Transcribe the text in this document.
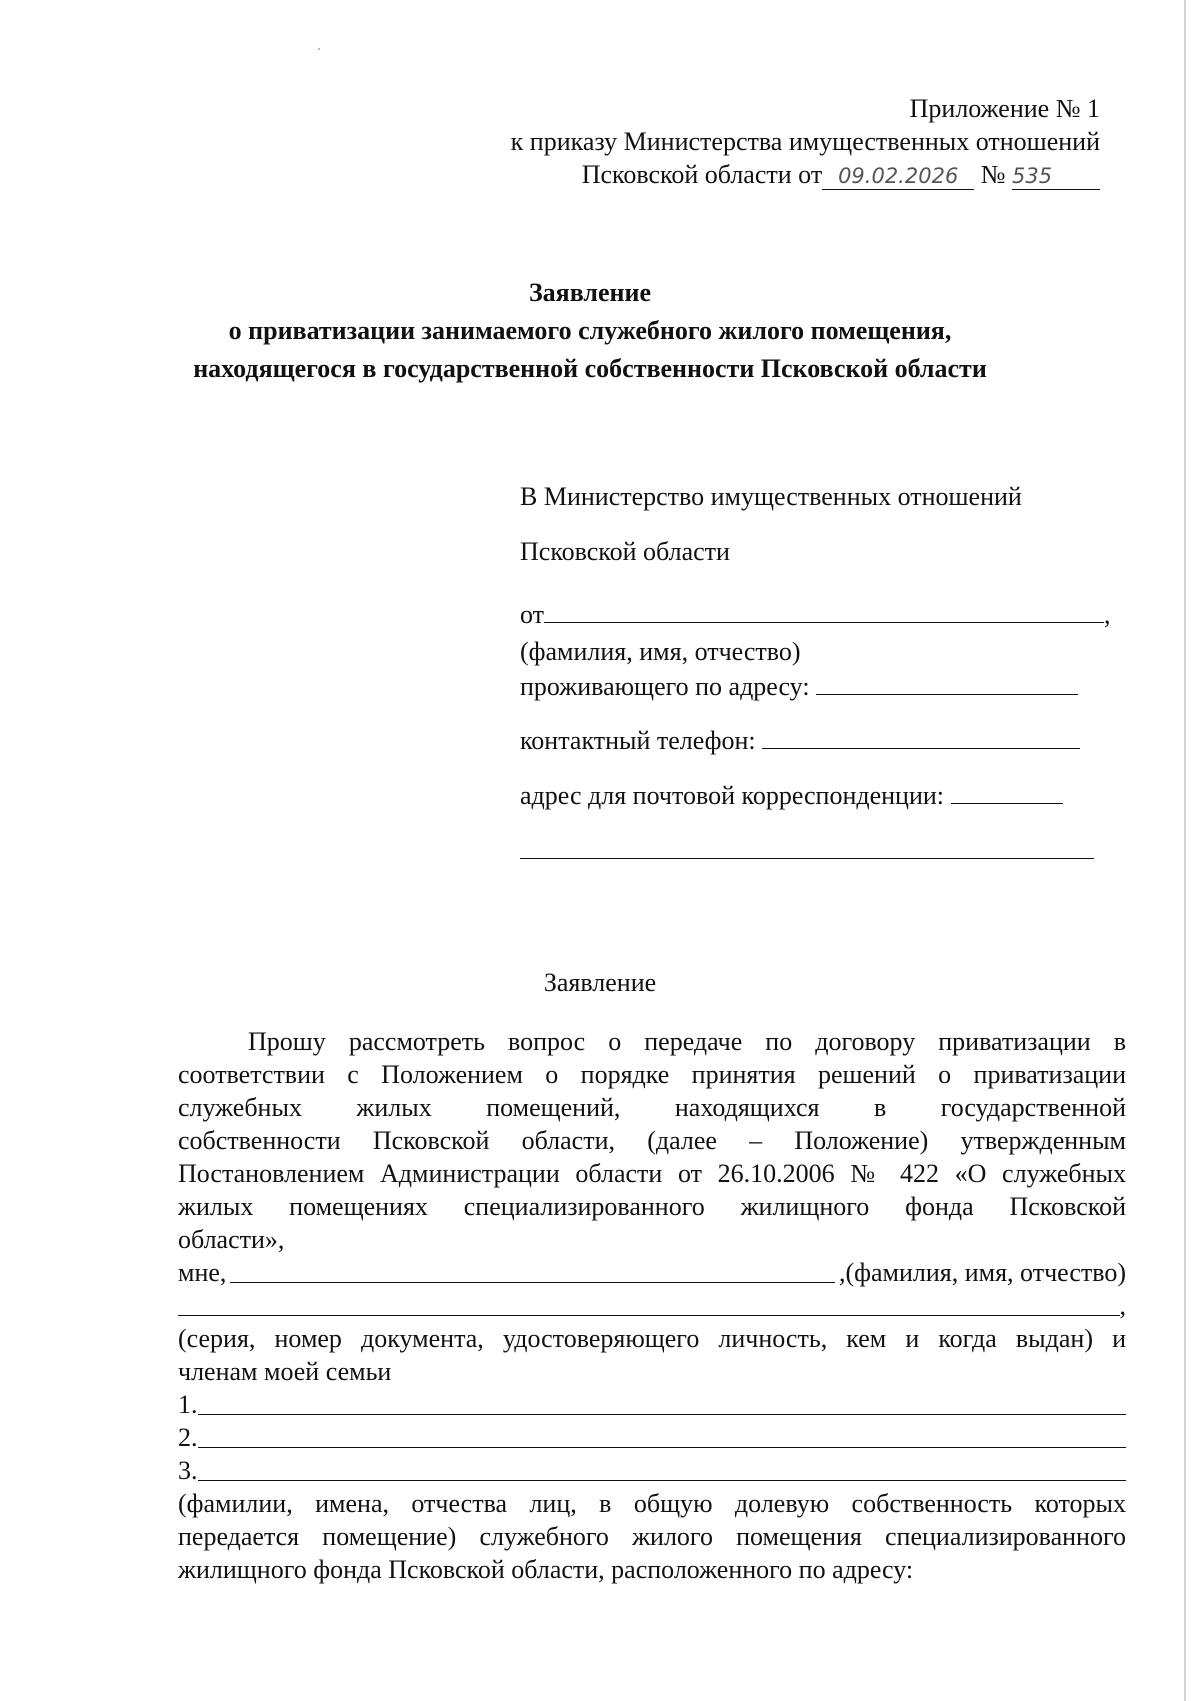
Приложение № 1
к приказу Министерства имущественных отношений
Псковской области от 09.02.2026 № 535
Заявление
о приватизации занимаемого служебного жилого помещения,
находящегося в государственной собственности Псковской области
В Министерство имущественных отношений
Псковской области
от	,
(фамилия, имя, отчество)
проживающего по адресу:
контактный телефон:
адрес для почтовой корреспонденции:
Заявление
Прошу рассмотреть вопрос о передаче по договору приватизации в
соответствии с Положением о порядке принятия решений о приватизации
служебных жилых помещений, находящихся в государственной
собственности Псковской области, (далее – Положение) утвержденным
Постановлением Администрации области от 26.10.2006 № 422 «О служебных
жилых помещениях специализированного жилищного фонда Псковской
области»,
мне,	,(фамилия, имя, отчество)
,
(серия, номер документа, удостоверяющего личность, кем и когда выдан) и
членам моей семьи
1.
2.
3.
(фамилии, имена, отчества лиц, в общую долевую собственность которых
передается помещение) служебного жилого помещения специализированного
жилищного фонда Псковской области, расположенного по адресу:
